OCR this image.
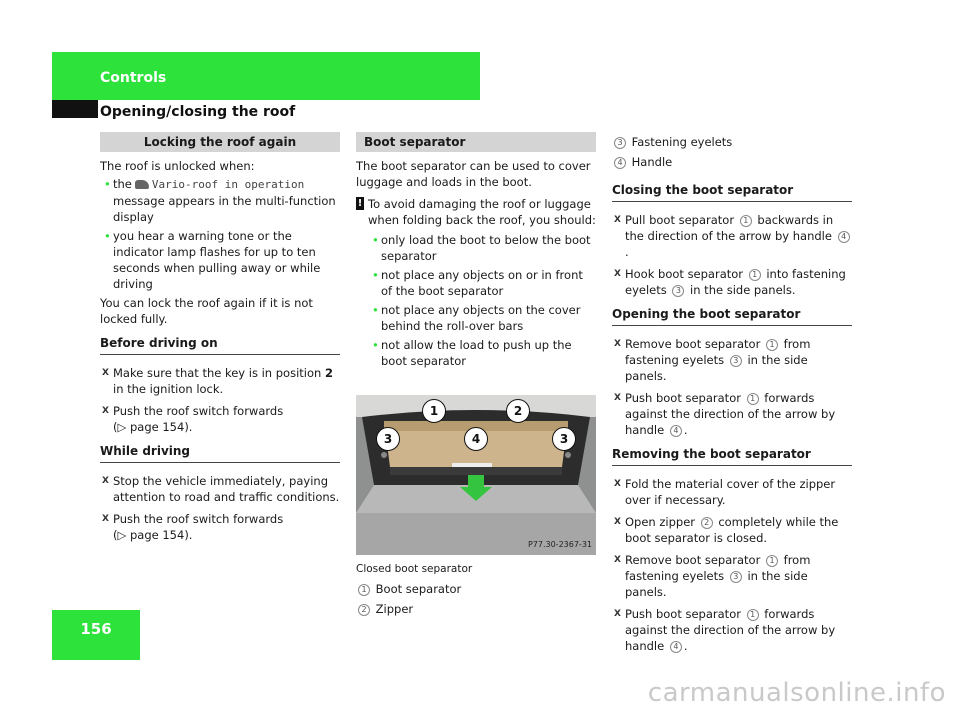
Controls
Opening/closing the roof
Locking the roof again

The roof is unlocked when:

• the Vario-roof in operation message appears in the multi-function display
• you hear a warning tone or the indicator lamp flashes for up to ten seconds when pulling away or while driving

You can lock the roof again if it is not locked fully.

Before driving on
X Make sure that the key is in position 2 in the ignition lock.
X Push the roof switch forwards
(▷ page 154).
While driving
X Stop the vehicle immediately, paying attention to road and traffic conditions.
X Push the roof switch forwards
(▷ page 154).
Boot separator

The boot separator can be used to cover luggage and loads in the boot.

! To avoid damaging the roof or luggage when folding back the roof, you should:
• only load the boot to below the boot separator
• not place any objects on or in front of the boot separator
• not place any objects on the cover behind the roll-over bars
• not allow the load to push up the boot separator
1	2
3	4	3
P77.30-2367-31
Closed boot separator
1 Boot separator
2 Zipper
3 Fastening eyelets
4 Handle
Closing the boot separator
X Pull boot separator 1 backwards in the direction of the arrow by handle 4.
X Hook boot separator 1 into fastening eyelets 3 in the side panels.
Opening the boot separator
X Remove boot separator 1 from fastening eyelets 3 in the side panels.
X Push boot separator 1 forwards against the direction of the arrow by handle 4 .
Removing the boot separator
X Fold the material cover of the zipper over if necessary.
X Open zipper 2 completely while the boot separator is closed.
X Remove boot separator 1 from fastening eyelets 3 in the side panels.
X Push boot separator 1 forwards against the direction of the arrow by handle 4 .
156
carmanualsonline.info
